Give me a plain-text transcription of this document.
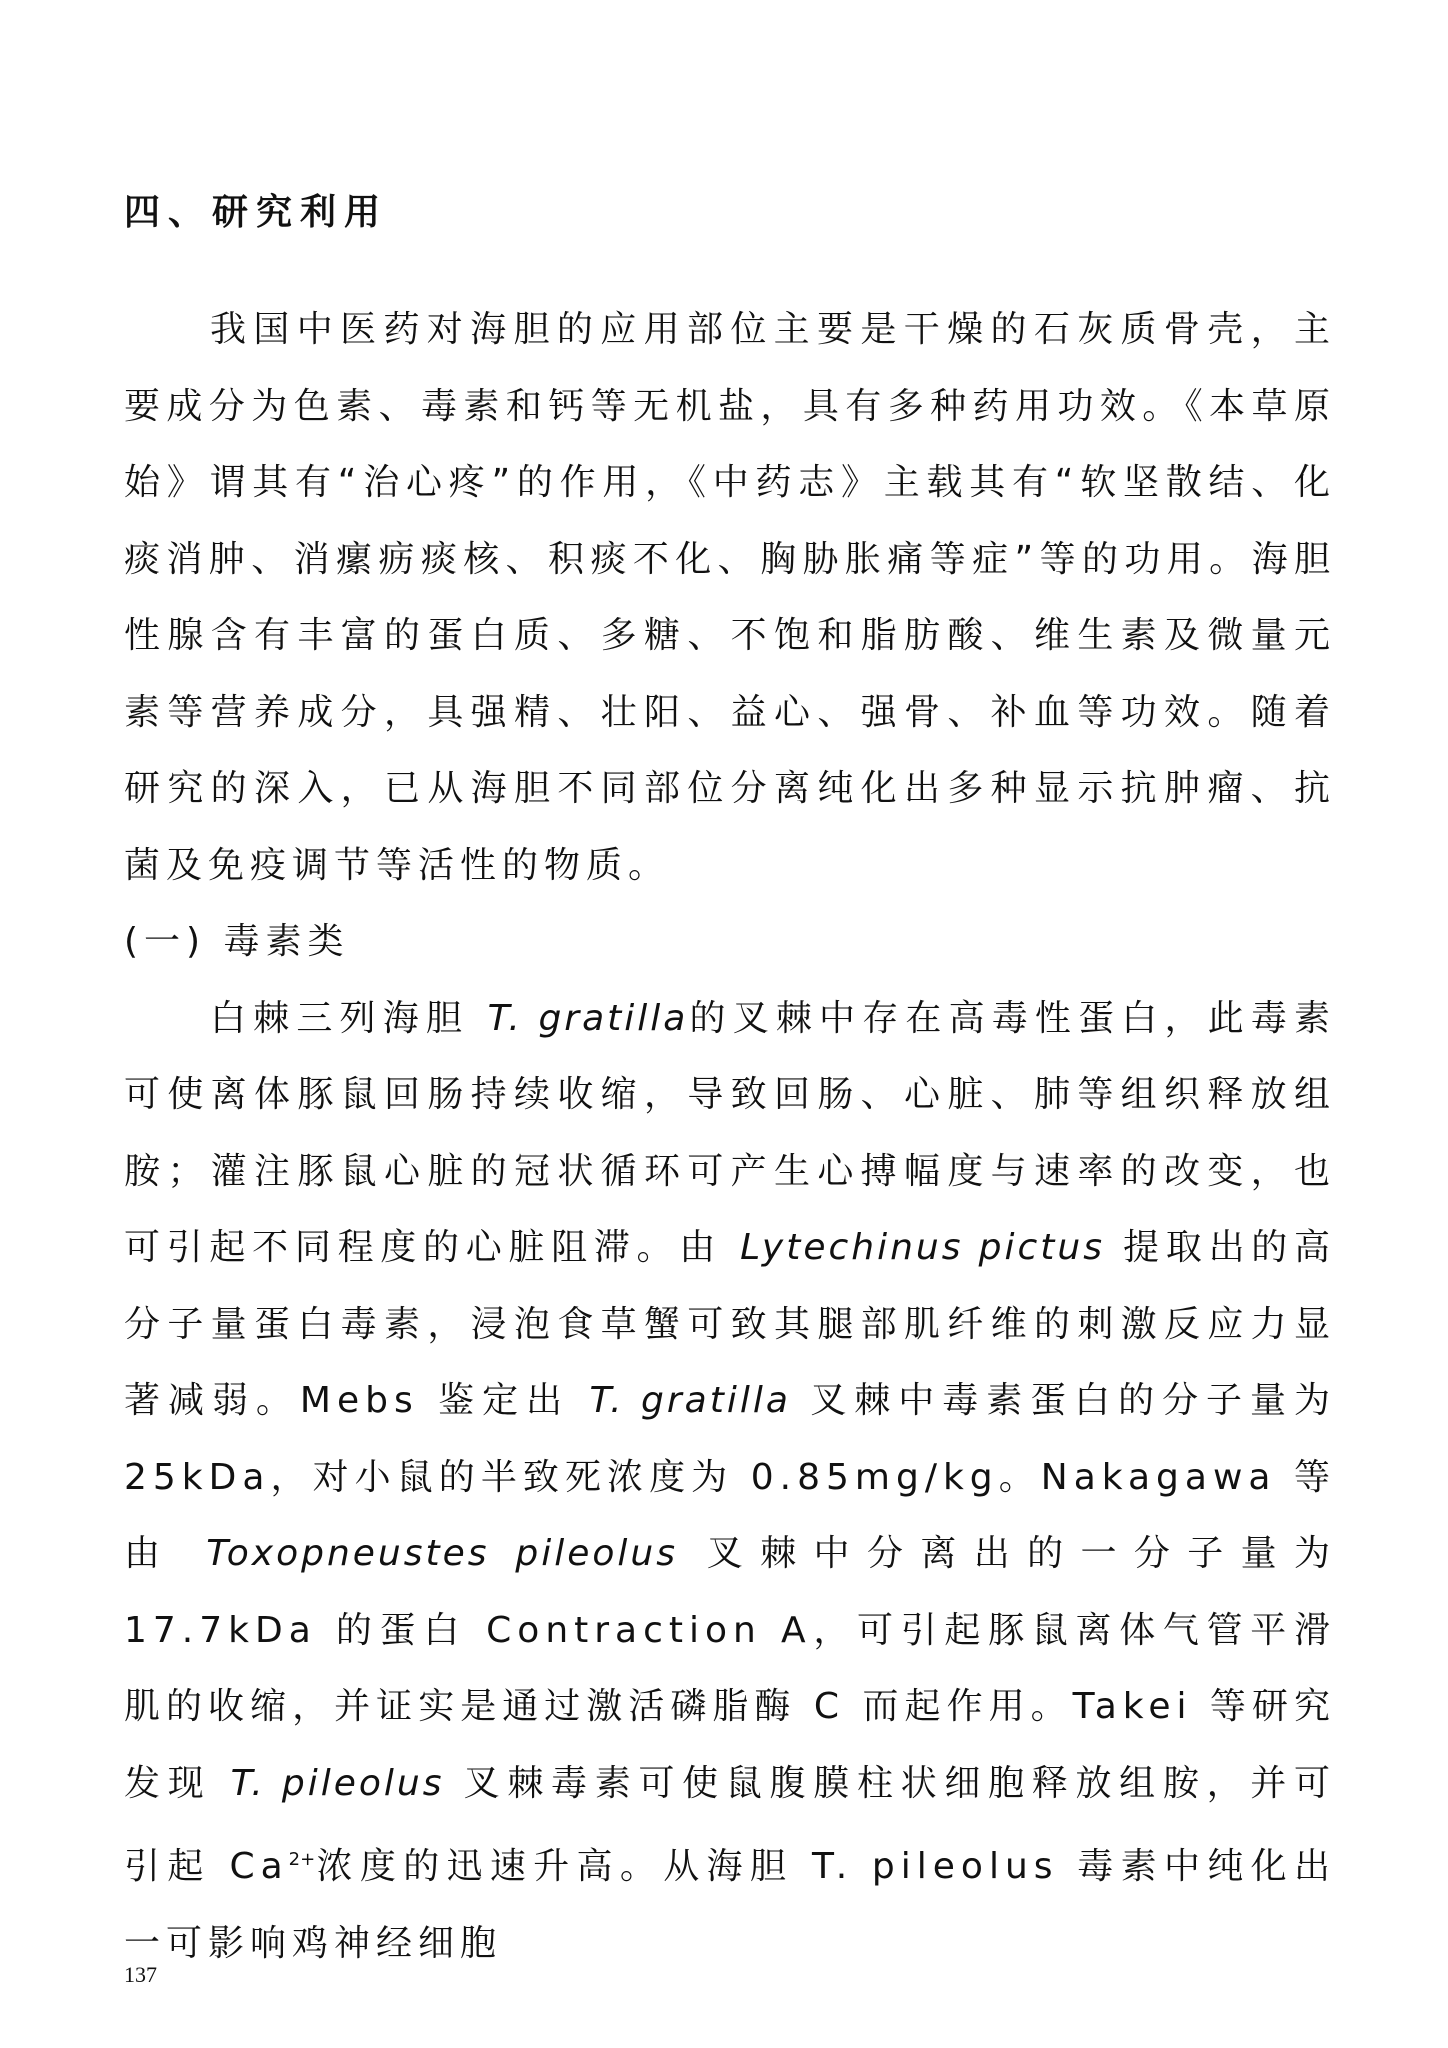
四、研究利用

我国中医药对海胆的应用部位主要是干燥的石灰质骨壳，主要成分为色素、毒素和钙等无机盐，具有多种药用功效。《本草原始》谓其有“治心疼”的作用，《中药志》主载其有“软坚散结、化痰消肿、消瘰疬痰核、积痰不化、胸胁胀痛等症”等的功用。海胆性腺含有丰富的蛋白质、多糖、不饱和脂肪酸、维生素及微量元素等营养成分，具强精、壮阳、益心、强骨、补血等功效。随着研究的深入，已从海胆不同部位分离纯化出多种显示抗肿瘤、抗菌及免疫调节等活性的物质。

(一) 毒素类

白棘三列海胆 T. gratilla的叉棘中存在高毒性蛋白，此毒素可使离体豚鼠回肠持续收缩，导致回肠、心脏、肺等组织释放组胺；灌注豚鼠心脏的冠状循环可产生心搏幅度与速率的改变，也可引起不同程度的心脏阻滞。由 Lytechinus pictus 提取出的高分子量蛋白毒素，浸泡食草蟹可致其腿部肌纤维的刺激反应力显著减弱。Mebs 鉴定出 T. gratilla 叉棘中毒素蛋白的分子量为 25kDa，对小鼠的半致死浓度为 0.85mg/kg。Nakagawa 等由 Toxopneustes pileolus 叉棘中分离出的一分子量为 17.7kDa 的蛋白 Contraction A，可引起豚鼠离体气管平滑肌的收缩，并证实是通过激活磷脂酶 C 而起作用。Takei 等研究发现 T. pileolus 叉棘毒素可使鼠腹膜柱状细胞释放组胺，并可引起 $Ca^{2+}$浓度的迅速升高。从海胆 T. pileolus 毒素中纯化出一可影响鸡神经细胞

137
